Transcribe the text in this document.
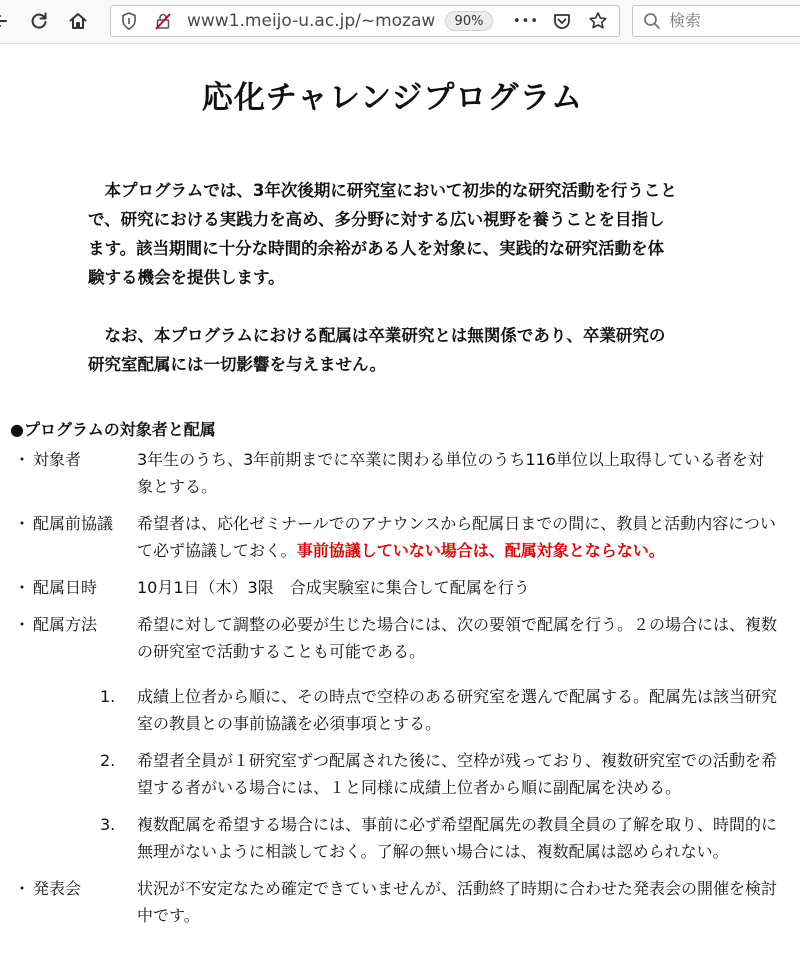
www1.meijo-u.ac.jp/~mozaw	90%	•••	検索
応化チャレンジプログラム

本プログラムでは、3年次後期に研究室において初歩的な研究活動を行うことで、研究における実践力を高め、多分野に対する広い視野を養うことを目指します。該当期間に十分な時間的余裕がある人を対象に、実践的な研究活動を体験する機会を提供します。

なお、本プログラムにおける配属は卒業研究とは無関係であり、卒業研究の研究室配属には一切影響を与えません。

●プログラムの対象者と配属
・ 対象者	3年生のうち、3年前期までに卒業に関わる単位のうち116単位以上取得している者を対象とする。
・ 配属前協議 希望者は、応化ゼミナールでのアナウンスから配属日までの間に、教員と活動内容について必ず協議しておく。事前協議していない場合は、配属対象とならない。
・ 配属日時 10月1日（木）3限　合成実験室に集合して配属を行う
・ 配属方法 希望に対して調整の必要が生じた場合には、次の要領で配属を行う。２の場合には、複数の研究室で活動することも可能である。
1. 成績上位者から順に、その時点で空枠のある研究室を選んで配属する。配属先は該当研究室の教員との事前協議を必須事項とする。
2. 希望者全員が１研究室ずつ配属された後に、空枠が残っており、複数研究室での活動を希望する者がいる場合には、１と同様に成績上位者から順に副配属を決める。
3. 複数配属を希望する場合には、事前に必ず希望配属先の教員全員の了解を取り、時間的に無理がないように相談しておく。了解の無い場合には、複数配属は認められない。
・ 発表会	状況が不安定なため確定できていませんが、活動終了時期に合わせた発表会の開催を検討中です。
